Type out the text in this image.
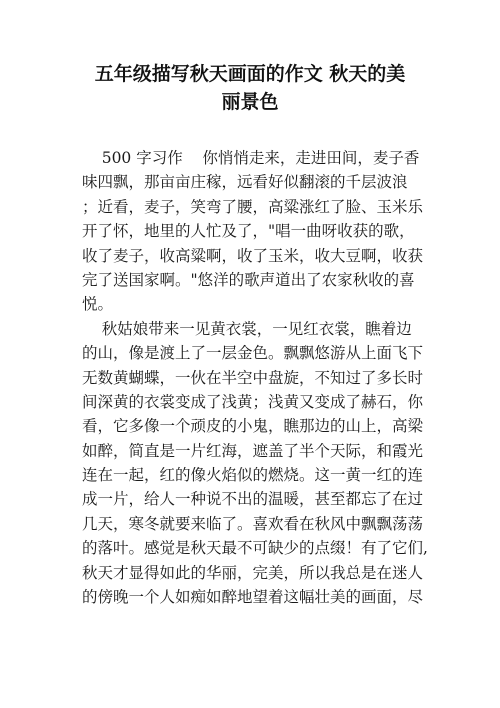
五年级描写秋天画面的作文 秋天的美
丽景色
500 字习作    你悄悄走来，走进田间，麦子香
味四飘，那亩亩庄稼，远看好似翻滚的千层波浪
；近看，麦子，笑弯了腰，高粱涨红了脸、玉米乐
开了怀，地里的人忙及了，"唱一曲呀收获的歌，
收了麦子，收高粱啊，收了玉米，收大豆啊，收获
完了送国家啊。"悠洋的歌声道出了农家秋收的喜
悦。
秋姑娘带来一见黄衣裳，一见红衣裳，瞧着边
的山，像是渡上了一层金色。飘飘悠游从上面飞下
无数黄蝴蝶，一伙在半空中盘旋，不知过了多长时
间深黄的衣裳变成了浅黄；浅黄又变成了赫石，你
看，它多像一个顽皮的小鬼，瞧那边的山上，高梁
如醉，简直是一片红海，遮盖了半个天际，和霞光
连在一起，红的像火焰似的燃烧。这一黄一红的连
成一片，给人一种说不出的温暖，甚至都忘了在过
几天，寒冬就要来临了。喜欢看在秋风中飘飘荡荡
的落叶。感觉是秋天最不可缺少的点缀！有了它们,
秋天才显得如此的华丽，完美，所以我总是在迷人
的傍晚一个人如痴如醉地望着这幅壮美的画面，尽
